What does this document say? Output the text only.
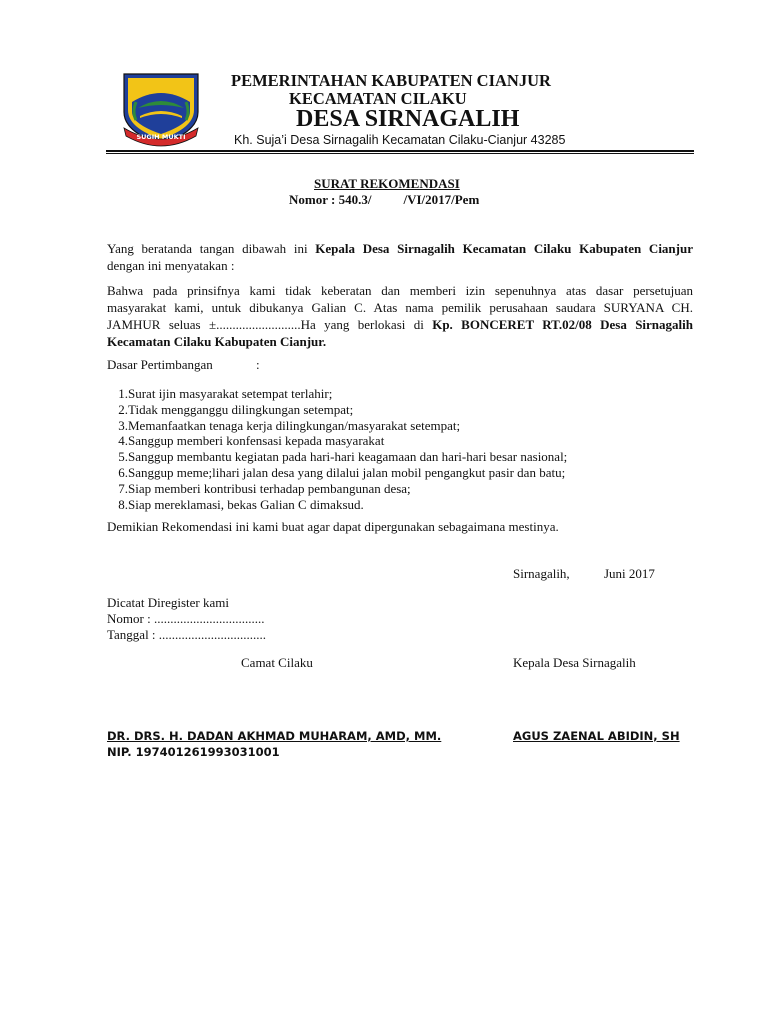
SUGIH MUKTI
PEMERINTAHAN KABUPATEN CIANJUR
KECAMATAN CILAKU
DESA SIRNAGALIH
Kh. Suja’i Desa Sirnagalih Kecamatan Cilaku-Cianjur 43285
SURAT REKOMENDASI
Nomor : 540.3/ /VI/2017/Pem
Yang beratanda tangan dibawah ini Kepala Desa Sirnagalih Kecamatan Cilaku Kabupaten Cianjur
dengan ini menyatakan :
Bahwa pada prinsifnya kami tidak keberatan dan memberi izin sepenuhnya atas dasar persetujuan
masyarakat kami, untuk dibukanya Galian C. Atas nama pemilik perusahaan saudara SURYANA CH.
JAMHUR seluas ±..........................Ha yang berlokasi di Kp. BONCERET RT.02/08 Desa Sirnagalih
Kecamatan Cilaku Kabupaten Cianjur.
Dasar Pertimbangan	:
1. Surat ijin masyarakat setempat terlahir;
2. Tidak mengganggu dilingkungan setempat;
3. Memanfaatkan tenaga kerja dilingkungan/masyarakat setempat;
4. Sanggup memberi konfensasi kepada masyarakat
5. Sanggup membantu kegiatan pada hari-hari keagamaan dan hari-hari besar nasional;
6. Sanggup meme;lihari jalan desa yang dilalui jalan mobil pengangkut pasir dan batu;
7. Siap memberi kontribusi terhadap pembangunan desa;
8. Siap mereklamasi, bekas Galian C dimaksud.
Demikian Rekomendasi ini kami buat agar dapat dipergunakan sebagaimana mestinya.
Sirnagalih,	Juni 2017
Dicatat Diregister kami
Nomor : ..................................
Tanggal : .................................
Camat Cilaku	Kepala Desa Sirnagalih
DR. DRS. H. DADAN AKHMAD MUHARAM, AMD, MM.
NIP. 197401261993031001
AGUS ZAENAL ABIDIN, SH
